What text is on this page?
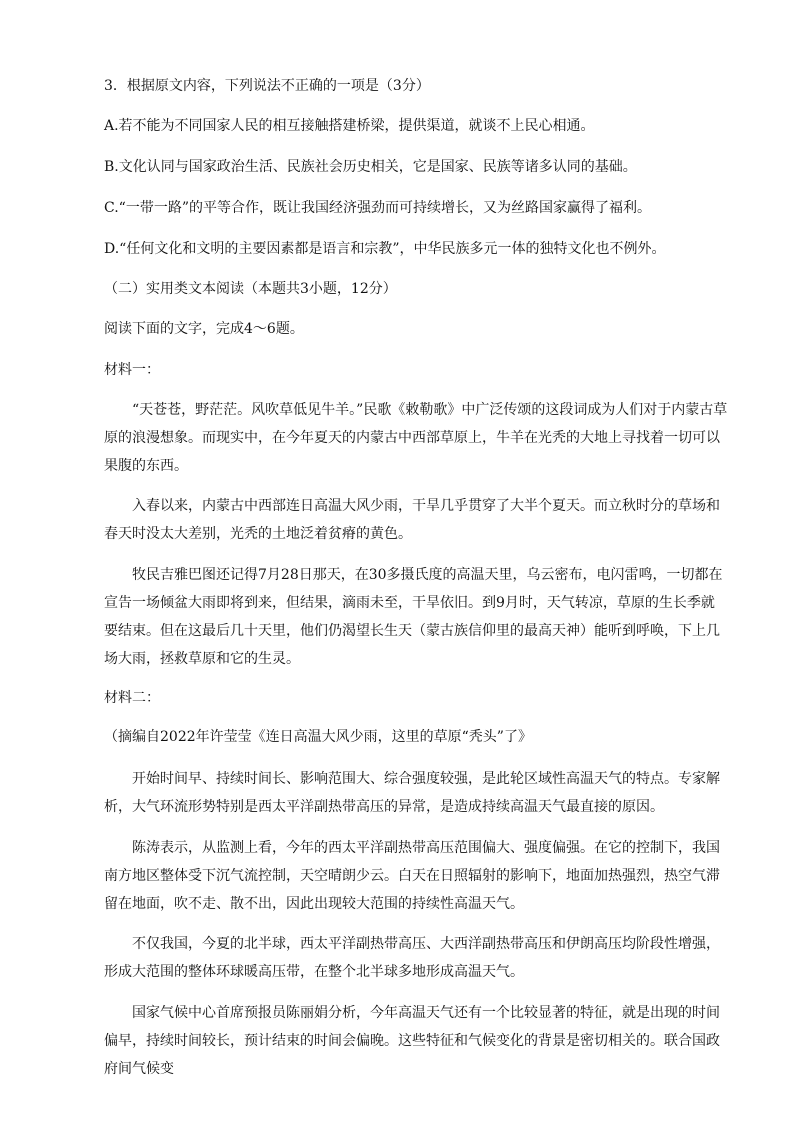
3．根据原文内容，下列说法不正确的一项是（3分）
A.若不能为不同国家人民的相互接触搭建桥梁，提供渠道，就谈不上民心相通。
B.文化认同与国家政治生活、民族社会历史相关，它是国家、民族等诸多认同的基础。
C.“一带一路”的平等合作，既让我国经济强劲而可持续增长，又为丝路国家赢得了福利。
D.“任何文化和文明的主要因素都是语言和宗教”，中华民族多元一体的独特文化也不例外。
（二）实用类文本阅读（本题共3小题，12分）
阅读下面的文字，完成4～6题。
材料一：
“天苍苍，野茫茫。风吹草低见牛羊。”民歌《敕勒歌》中广泛传颂的这段词成为人们对于内蒙古草原的浪漫想象。而现实中，在今年夏天的内蒙古中西部草原上，牛羊在光秃的大地上寻找着一切可以果腹的东西。
入春以来，内蒙古中西部连日高温大风少雨，干旱几乎贯穿了大半个夏天。而立秋时分的草场和春天时没太大差别，光秃的土地泛着贫瘠的黄色。
牧民吉雅巴图还记得7月28日那天，在30多摄氏度的高温天里，乌云密布，电闪雷鸣，一切都在宣告一场倾盆大雨即将到来，但结果，滴雨未至，干旱依旧。到9月时，天气转凉，草原的生长季就要结束。但在这最后几十天里，他们仍渴望长生天（蒙古族信仰里的最高天神）能听到呼唤，下上几场大雨，拯救草原和它的生灵。
材料二：
（摘编自2022年许莹莹《连日高温大风少雨，这里的草原“秃头”了》
开始时间早、持续时间长、影响范围大、综合强度较强，是此轮区域性高温天气的特点。专家解析，大气环流形势特别是西太平洋副热带高压的异常，是造成持续高温天气最直接的原因。
陈涛表示，从监测上看，今年的西太平洋副热带高压范围偏大、强度偏强。在它的控制下，我国南方地区整体受下沉气流控制，天空晴朗少云。白天在日照辐射的影响下，地面加热强烈，热空气滞留在地面，吹不走、散不出，因此出现较大范围的持续性高温天气。
不仅我国，今夏的北半球，西太平洋副热带高压、大西洋副热带高压和伊朗高压均阶段性增强，形成大范围的整体环球暖高压带，在整个北半球多地形成高温天气。
国家气候中心首席预报员陈丽娟分析，今年高温天气还有一个比较显著的特征，就是出现的时间偏早，持续时间较长，预计结束的时间会偏晚。这些特征和气候变化的背景是密切相关的。联合国政府间气候变
